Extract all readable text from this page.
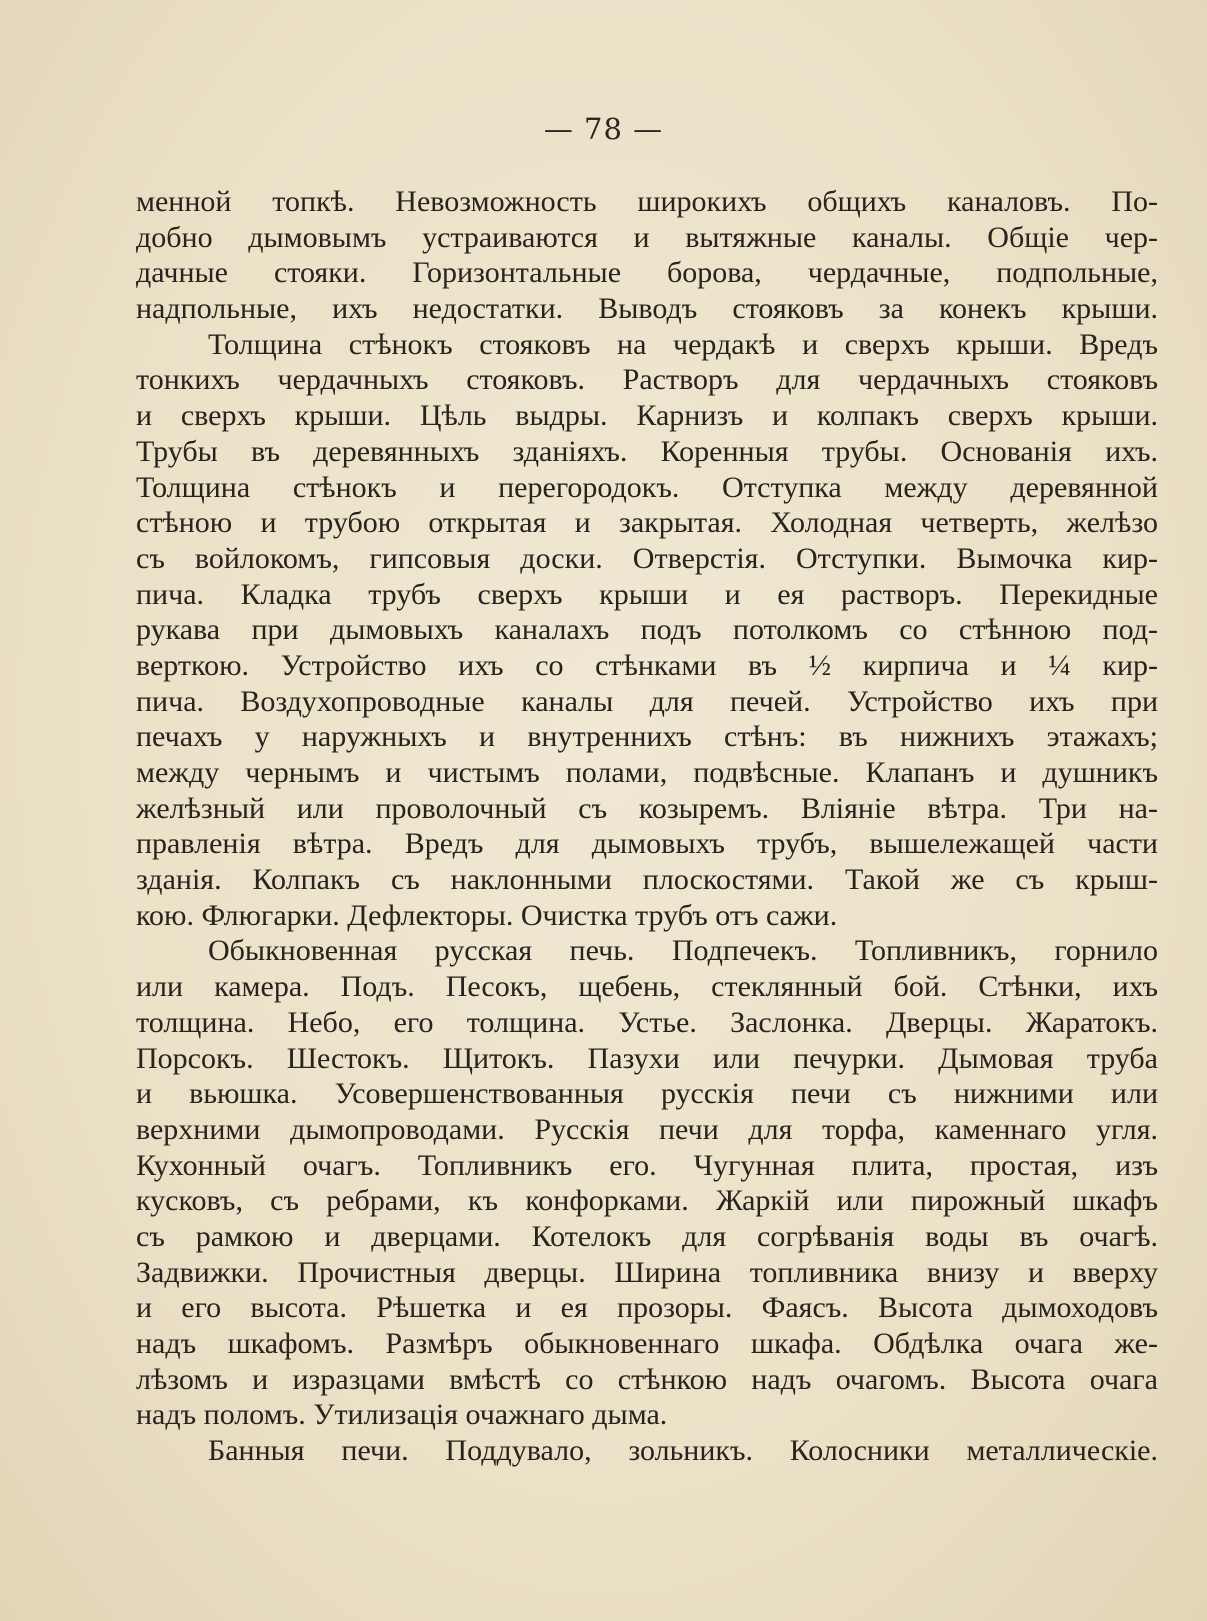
— 78 —
менной топкѣ. Невозможность широкихъ общихъ каналовъ. По-
добно дымовымъ устраиваются и вытяжные каналы. Общіе чер-
дачные стояки. Горизонтальные борова, чердачные, подпольные,
надпольные, ихъ недостатки. Выводъ стояковъ за конекъ крыши.
Толщина стѣнокъ стояковъ на чердакѣ и сверхъ крыши. Вредъ
тонкихъ чердачныхъ стояковъ. Растворъ для чердачныхъ стояковъ
и сверхъ крыши. Цѣль выдры. Карнизъ и колпакъ сверхъ крыши.
Трубы въ деревянныхъ зданіяхъ. Коренныя трубы. Основанія ихъ.
Толщина стѣнокъ и перегородокъ. Отступка между деревянной
стѣною и трубою открытая и закрытая. Холодная четверть, желѣзо
съ войлокомъ, гипсовыя доски. Отверстія. Отступки. Вымочка кир-
пича. Кладка трубъ сверхъ крыши и ея растворъ. Перекидные
рукава при дымовыхъ каналахъ подъ потолкомъ со стѣнною под-
верткою. Устройство ихъ со стѣнками въ ½ кирпича и ¼ кир-
пича. Воздухопроводные каналы для печей. Устройство ихъ при
печахъ у наружныхъ и внутреннихъ стѣнъ: въ нижнихъ этажахъ;
между чернымъ и чистымъ полами, подвѣсные. Клапанъ и душникъ
желѣзный или проволочный съ козыремъ. Вліяніе вѣтра. Три на-
правленія вѣтра. Вредъ для дымовыхъ трубъ, вышележащей части
зданія. Колпакъ съ наклонными плоскостями. Такой же съ крыш-
кою. Флюгарки. Дефлекторы. Очистка трубъ отъ сажи.
Обыкновенная русская печь. Подпечекъ. Топливникъ, горнило
или камера. Подъ. Песокъ, щебень, стеклянный бой. Стѣнки, ихъ
толщина. Небо, его толщина. Устье. Заслонка. Дверцы. Жаратокъ.
Порсокъ. Шестокъ. Щитокъ. Пазухи или печурки. Дымовая труба
и вьюшка. Усовершенствованныя русскія печи съ нижними или
верхними дымопроводами. Русскія печи для торфа, каменнаго угля.
Кухонный очагъ. Топливникъ его. Чугунная плита, простая, изъ
кусковъ, съ ребрами, къ конфорками. Жаркій или пирожный шкафъ
съ рамкою и дверцами. Котелокъ для согрѣванія воды въ очагѣ.
Задвижки. Прочистныя дверцы. Ширина топливника внизу и вверху
и его высота. Рѣшетка и ея прозоры. Фаясъ. Высота дымоходовъ
надъ шкафомъ. Размѣръ обыкновеннаго шкафа. Обдѣлка очага же-
лѣзомъ и изразцами вмѣстѣ со стѣнкою надъ очагомъ. Высота очага
надъ поломъ. Утилизація очажнаго дыма.
Банныя печи. Поддувало, зольникъ. Колосники металлическіе.
